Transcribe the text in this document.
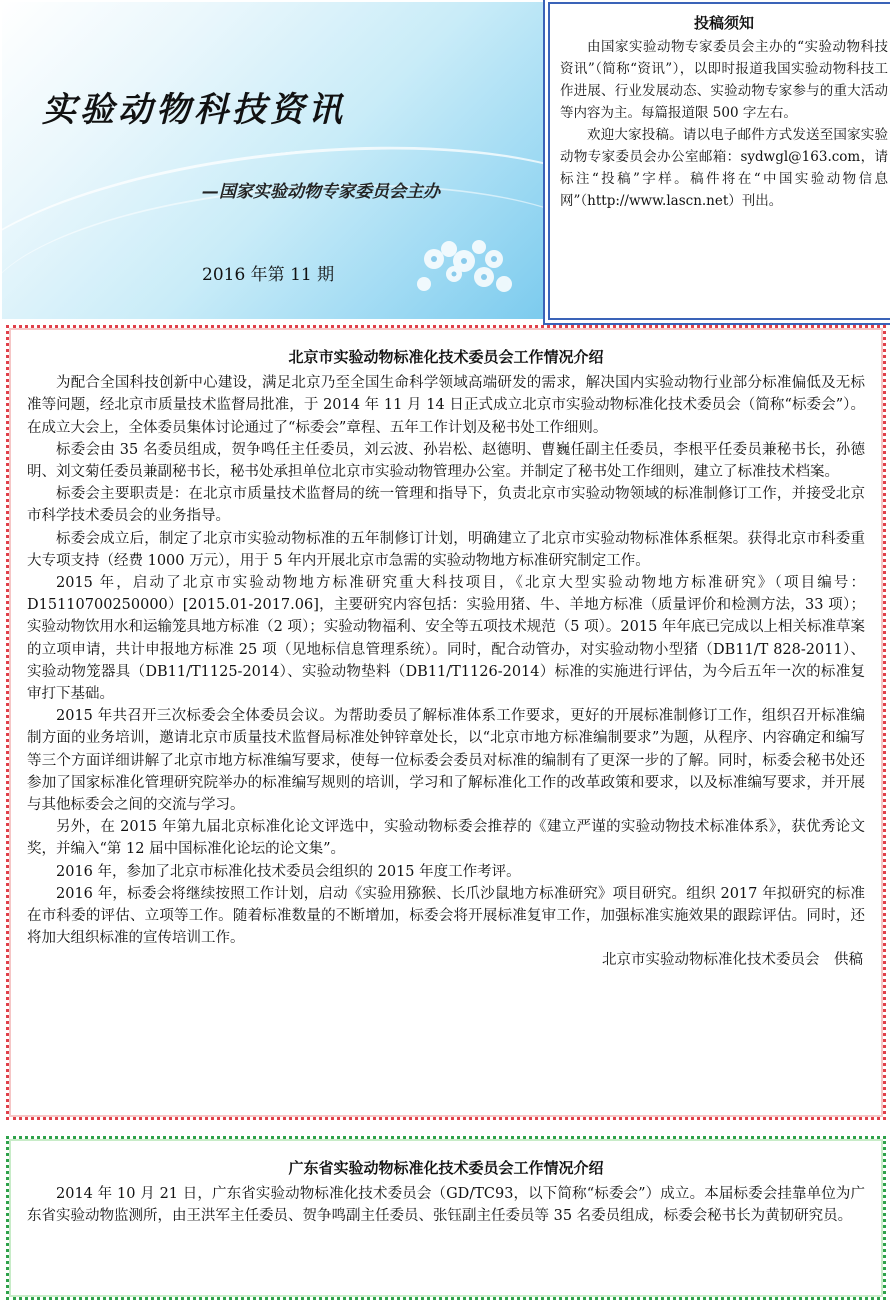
实验动物科技资讯
—国家实验动物专家委员会主办
2016 年第 11 期
投稿须知

由国家实验动物专家委员会主办的“实验动物科技资讯”（简称“资讯”），以即时报道我国实验动物科技工作进展、行业发展动态、实验动物专家参与的重大活动等内容为主。每篇报道限 500 字左右。

欢迎大家投稿。请以电子邮件方式发送至国家实验动物专家委员会办公室邮箱：sydwgl@163.com，请标注“投稿”字样。稿件将在“中国实验动物信息网”（http://www.lascn.net）刊出。

北京市实验动物标准化技术委员会工作情况介绍

为配合全国科技创新中心建设，满足北京乃至全国生命科学领域高端研发的需求，解决国内实验动物行业部分标准偏低及无标准等问题，经北京市质量技术监督局批准，于 2014 年 11 月 14 日正式成立北京市实验动物标准化技术委员会（简称“标委会”）。在成立大会上，全体委员集体讨论通过了“标委会”章程、五年工作计划及秘书处工作细则。

标委会由 35 名委员组成，贺争鸣任主任委员，刘云波、孙岩松、赵德明、曹巍任副主任委员，李根平任委员兼秘书长，孙德明、刘文菊任委员兼副秘书长，秘书处承担单位北京市实验动物管理办公室。并制定了秘书处工作细则，建立了标准技术档案。

标委会主要职责是：在北京市质量技术监督局的统一管理和指导下，负责北京市实验动物领域的标准制修订工作，并接受北京市科学技术委员会的业务指导。

标委会成立后，制定了北京市实验动物标准的五年制修订计划，明确建立了北京市实验动物标准体系框架。获得北京市科委重大专项支持（经费 1000 万元），用于 5 年内开展北京市急需的实验动物地方标准研究制定工作。

2015 年，启动了北京市实验动物地方标准研究重大科技项目，《北京大型实验动物地方标准研究》（项目编号：D15110700250000）[2015.01-2017.06]，主要研究内容包括：实验用猪、牛、羊地方标准（质量评价和检测方法，33 项）；实验动物饮用水和运输笼具地方标准（2 项）；实验动物福利、安全等五项技术规范（5 项）。2015 年年底已完成以上相关标准草案的立项申请，共计申报地方标准 25 项（见地标信息管理系统）。同时，配合动管办，对实验动物小型猪（DB11/T 828-2011）、实验动物笼器具（DB11/T1125-2014）、实验动物垫料（DB11/T1126-2014）标准的实施进行评估，为今后五年一次的标准复审打下基础。

2015 年共召开三次标委会全体委员会议。为帮助委员了解标准体系工作要求，更好的开展标准制修订工作，组织召开标准编制方面的业务培训，邀请北京市质量技术监督局标准处钟锌章处长，以“北京市地方标准编制要求”为题，从程序、内容确定和编写等三个方面详细讲解了北京市地方标准编写要求，使每一位标委会委员对标准的编制有了更深一步的了解。同时，标委会秘书处还参加了国家标准化管理研究院举办的标准编写规则的培训，学习和了解标准化工作的改革政策和要求，以及标准编写要求，并开展与其他标委会之间的交流与学习。

另外，在 2015 年第九届北京标准化论文评选中，实验动物标委会推荐的《建立严谨的实验动物技术标准体系》，获优秀论文奖，并编入“第 12 届中国标准化论坛的论文集”。

2016 年，参加了北京市标准化技术委员会组织的 2015 年度工作考评。

2016 年，标委会将继续按照工作计划，启动《实验用猕猴、长爪沙鼠地方标准研究》项目研究。组织 2017 年拟研究的标准在市科委的评估、立项等工作。随着标准数量的不断增加，标委会将开展标准复审工作，加强标准实施效果的跟踪评估。同时，还将加大组织标准的宣传培训工作。

北京市实验动物标准化技术委员会　供稿

广东省实验动物标准化技术委员会工作情况介绍

2014 年 10 月 21 日，广东省实验动物标准化技术委员会（GD/TC93，以下简称“标委会”）成立。本届标委会挂靠单位为广东省实验动物监测所，由王洪军主任委员、贺争鸣副主任委员、张钰副主任委员等 35 名委员组成，标委会秘书长为黄韧研究员。
